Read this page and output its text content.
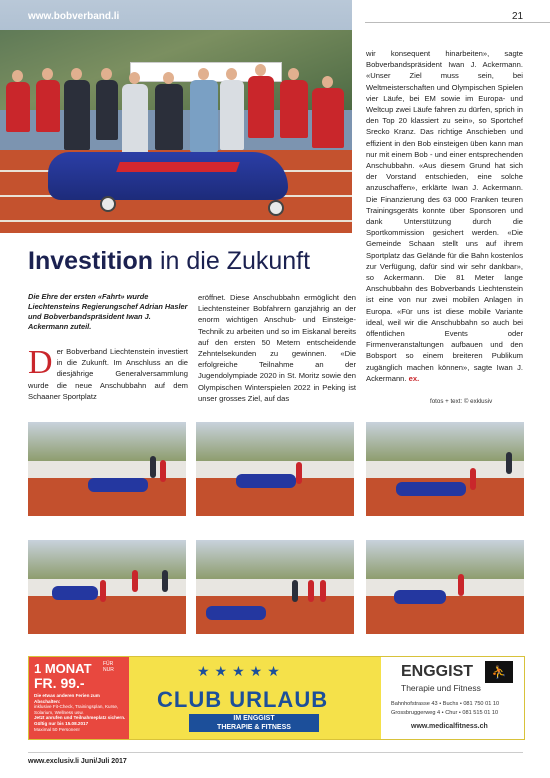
www.bobverband.li	21
wir konsequent hinarbeiten», sagte Bobverbandspräsident Iwan J. Ackermann. «Unser Ziel muss sein, bei Weltmeisterschaften und Olympischen Spielen vier Läufe, bei EM sowie im Europa- und Weltcup zwei Läufe fahren zu dürfen, sprich in den Top 20 klassiert zu sein», so Sportchef Srecko Kranz. Das richtige Anschieben und effizient in den Bob einsteigen üben kann man nur mit einem Bob - und einer entsprechenden Anschubbahn. «Aus diesem Grund hat sich der Vorstand entschieden, eine solche anzuschaffen», erklärte Iwan J. Ackermann. Die Finanzierung des 63 000 Franken teuren Trainingsgeräts konnte über Sponsoren und dank Unterstützung durch die Sportkommission gesichert werden. «Die Gemeinde Schaan stellt uns auf ihrem Sportplatz das Gelände für die Bahn kostenlos zur Verfügung, dafür sind wir sehr dankbar», so Ackermann. Die 81 Meter lange Anschubbahn des Bobverbands Liechtenstein ist eine von nur zwei mobilen Anlagen in Europa. «Für uns ist diese mobile Variante ideal, weil wir die Anschubbahn so auch bei öffentlichen Events oder Firmenveranstaltungen aufbauen und den Bobsport so einem breiteren Publikum zugänglich machen können», sagte Iwan J. Ackermann. ex.
fotos + text: © exklusiv
Investition in die Zukunft
Die Ehre der ersten «Fahrt» wurde Liechtensteins Regierungschef Adrian Hasler und Bobverbandspräsident Iwan J. Ackermann zuteil.
Der Bobverband Liechtenstein investiert in die Zukunft. Im Anschluss an die diesjährige Generalversammlung wurde die neue Anschubbahn auf dem Schaaner Sportplatz
eröffnet. Diese Anschubbahn ermöglicht den Liechtensteiner Bobfahrern ganzjährig an der enorm wichtigen Anschub- und Einsteige-Technik zu arbeiten und so im Eiskanal bereits auf den ersten 50 Metern entscheidende Zehntelsekunden zu gewinnen. «Die erfolgreiche Teilnahme an der Jugendolympiade 2020 in St. Moritz sowie den Olympischen Winterspielen 2022 in Peking ist unser grosses Ziel, auf das
1 MONAT FÜR NUR
FR. 99.-
Die etwas anderen Ferien zum Abschalten:
inklusive Fit-Check, Trainingsplan, Kurse, Solarium, Wellness usw.
Jetzt anrufen und Teilnahmeplatz sichern. Gültig nur bis 15.08.2017
Maximal 50 Personen!
★★★★★
CLUB URLAUB
IM ENGGIST
THERAPIE & FITNESS
ENGGIST	⛹
Therapie und Fitness
Bahnhofstrasse 43 • Buchs • 081 750 01 10
Grossbruggerweg 4 • Chur • 081 515 01 10
www.medicalfitness.ch
www.exclusiv.li Juni/Juli 2017
